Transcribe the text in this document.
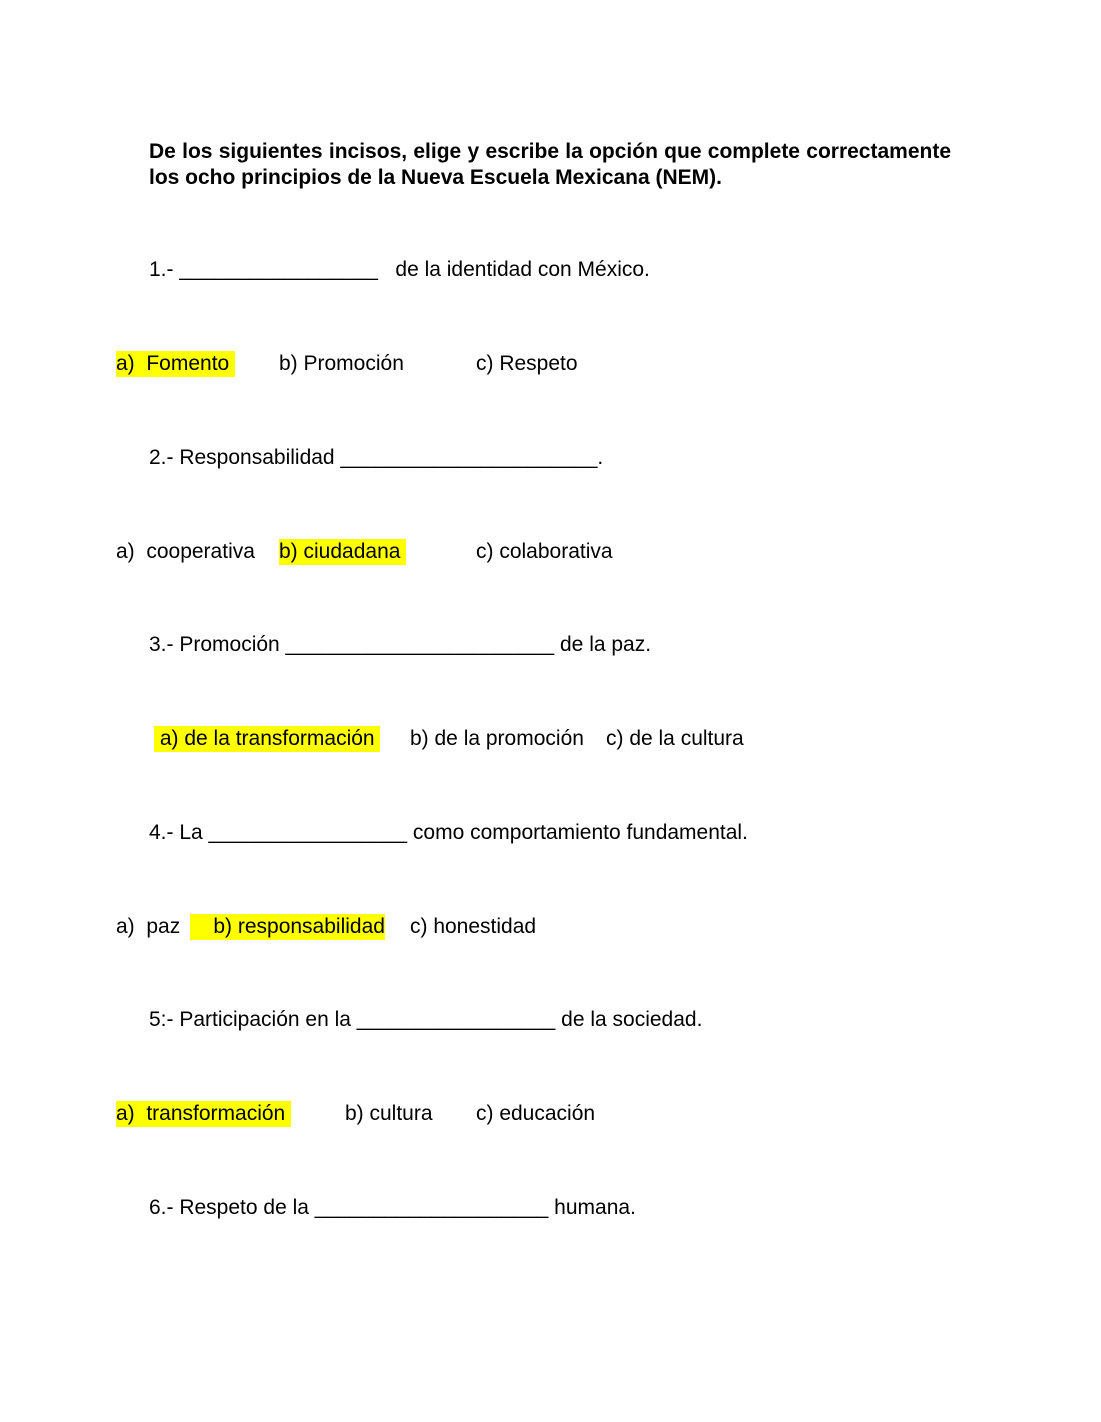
De los siguientes incisos, elige y escribe la opción que complete correctamente los ocho principios de la Nueva Escuela Mexicana (NEM).
1.- _________________   de la identidad con México.
a)  Fomento b) Promoción	c) Respeto
2.- Responsabilidad ______________________.
a)  cooperativa b) ciudadana	c) colaborativa
3.- Promoción _______________________ de la paz.
a) de la transformación b) de la promoción c) de la cultura
4.- La _________________ como comportamiento fundamental.
a)  paz b) responsabilidad c) honestidad
5:- Participación en la _________________ de la sociedad.
a)  transformación	b) cultura c) educación
6.- Respeto de la ____________________ humana.
